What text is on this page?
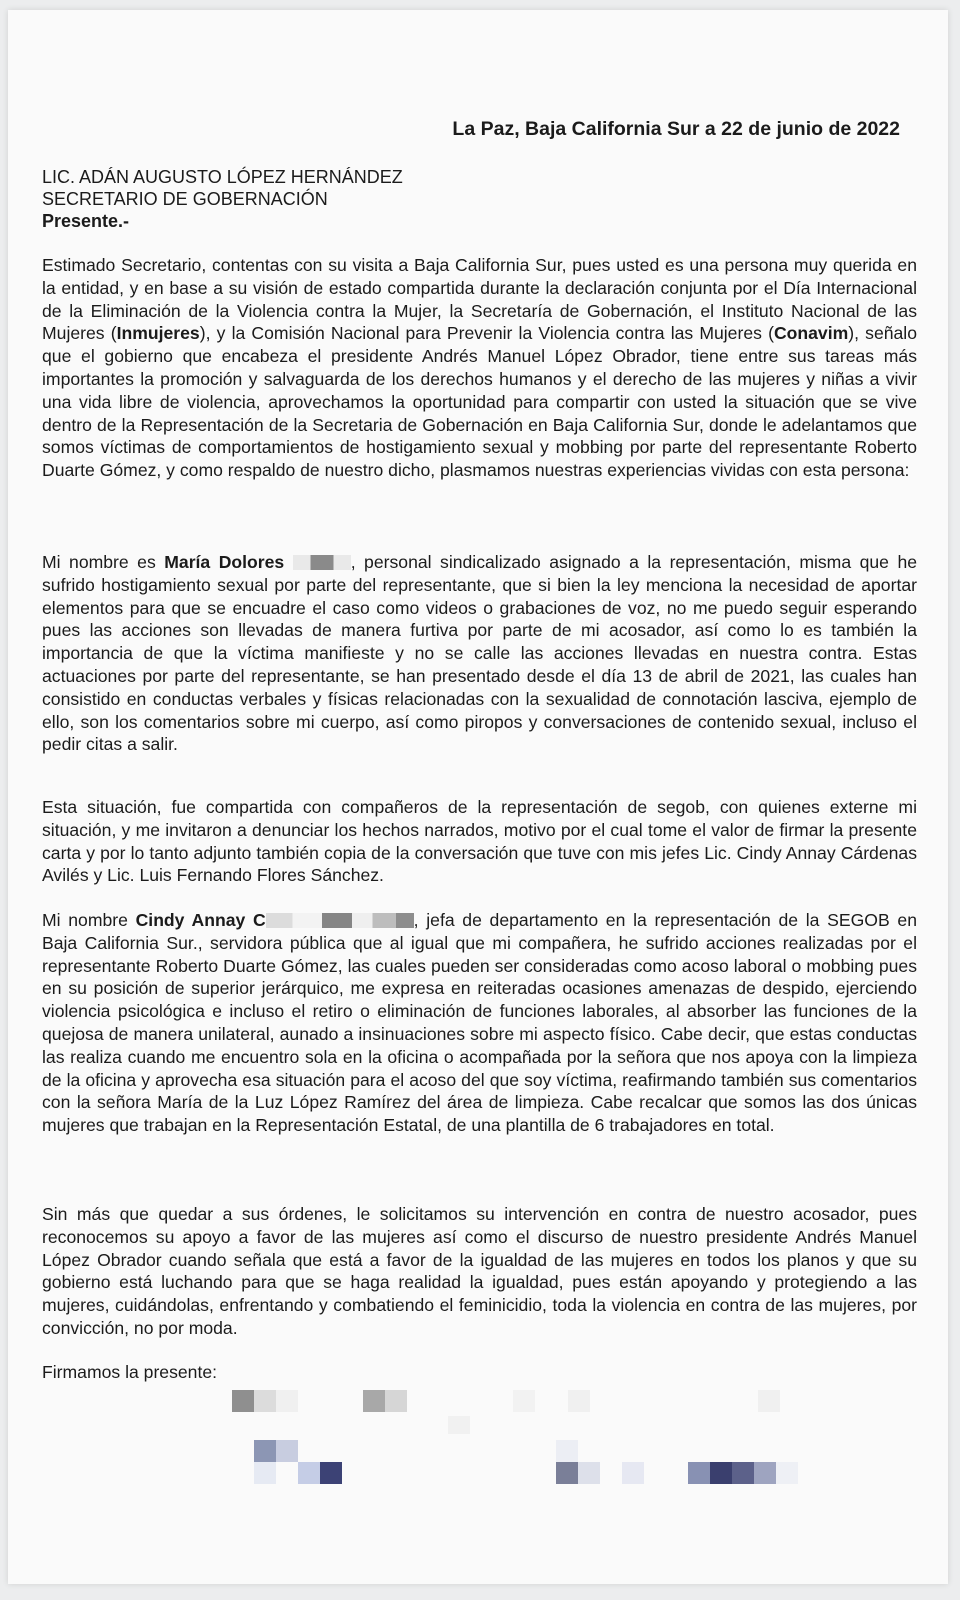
La Paz, Baja California Sur a 22 de junio de 2022
LIC. ADÁN AUGUSTO LÓPEZ HERNÁNDEZ
SECRETARIO DE GOBERNACIÓN
Presente.-

Estimado Secretario, contentas con su visita a Baja California Sur, pues usted es una persona muy querida en la entidad, y en base a su visión de estado compartida durante la declaración conjunta por el Día Internacional de la Eliminación de la Violencia contra la Mujer, la Secretaría de Gobernación, el Instituto Nacional de las Mujeres (Inmujeres), y la Comisión Nacional para Prevenir la Violencia contra las Mujeres (Conavim), señalo que el gobierno que encabeza el presidente Andrés Manuel López Obrador, tiene entre sus tareas más importantes la promoción y salvaguarda de los derechos humanos y el derecho de las mujeres y niñas a vivir una vida libre de violencia, aprovechamos la oportunidad para compartir con usted la situación que se vive dentro de la Representación de la Secretaria de Gobernación en Baja California Sur, donde le adelantamos que somos víctimas de comportamientos de hostigamiento sexual y mobbing por parte del representante Roberto Duarte Gómez, y como respaldo de nuestro dicho, plasmamos nuestras experiencias vividas con esta persona:

Mi nombre es María Dolores	, personal sindicalizado asignado a la representación, misma que he sufrido hostigamiento sexual por parte del representante, que si bien la ley menciona la necesidad de aportar elementos para que se encuadre el caso como videos o grabaciones de voz, no me puedo seguir esperando pues las acciones son llevadas de manera furtiva por parte de mi acosador, así como lo es también la importancia de que la víctima manifieste y no se calle las acciones llevadas en nuestra contra. Estas actuaciones por parte del representante, se han presentado desde el día 13 de abril de 2021, las cuales han consistido en conductas verbales y físicas relacionadas con la sexualidad de connotación lasciva, ejemplo de ello, son los comentarios sobre mi cuerpo, así como piropos y conversaciones de contenido sexual, incluso el pedir citas a salir.

Esta situación, fue compartida con compañeros de la representación de segob, con quienes externe mi situación, y me invitaron a denunciar los hechos narrados, motivo por el cual tome el valor de firmar la presente carta y por lo tanto adjunto también copia de la conversación que tuve con mis jefes Lic. Cindy Annay Cárdenas Avilés y Lic. Luis Fernando Flores Sánchez.

Mi nombre Cindy Annay C	, jefa de departamento en la representación de la SEGOB en Baja California Sur., servidora pública que al igual que mi compañera, he sufrido acciones realizadas por el representante Roberto Duarte Gómez, las cuales pueden ser consideradas como acoso laboral o mobbing pues en su posición de superior jerárquico, me expresa en reiteradas ocasiones amenazas de despido, ejerciendo violencia psicológica e incluso el retiro o eliminación de funciones laborales, al absorber las funciones de la quejosa de manera unilateral, aunado a insinuaciones sobre mi aspecto físico. Cabe decir, que estas conductas las realiza cuando me encuentro sola en la oficina o acompañada por la señora que nos apoya con la limpieza de la oficina y aprovecha esa situación para el acoso del que soy víctima, reafirmando también sus comentarios con la señora María de la Luz López Ramírez del área de limpieza. Cabe recalcar que somos las dos únicas mujeres que trabajan en la Representación Estatal, de una plantilla de 6 trabajadores en total.

Sin más que quedar a sus órdenes, le solicitamos su intervención en contra de nuestro acosador, pues reconocemos su apoyo a favor de las mujeres así como el discurso de nuestro presidente Andrés Manuel López Obrador cuando señala que está a favor de la igualdad de las mujeres en todos los planos y que su gobierno está luchando para que se haga realidad la igualdad, pues están apoyando y protegiendo a las mujeres, cuidándolas, enfrentando y combatiendo el feminicidio, toda la violencia en contra de las mujeres, por convicción, no por moda.

Firmamos la presente:
